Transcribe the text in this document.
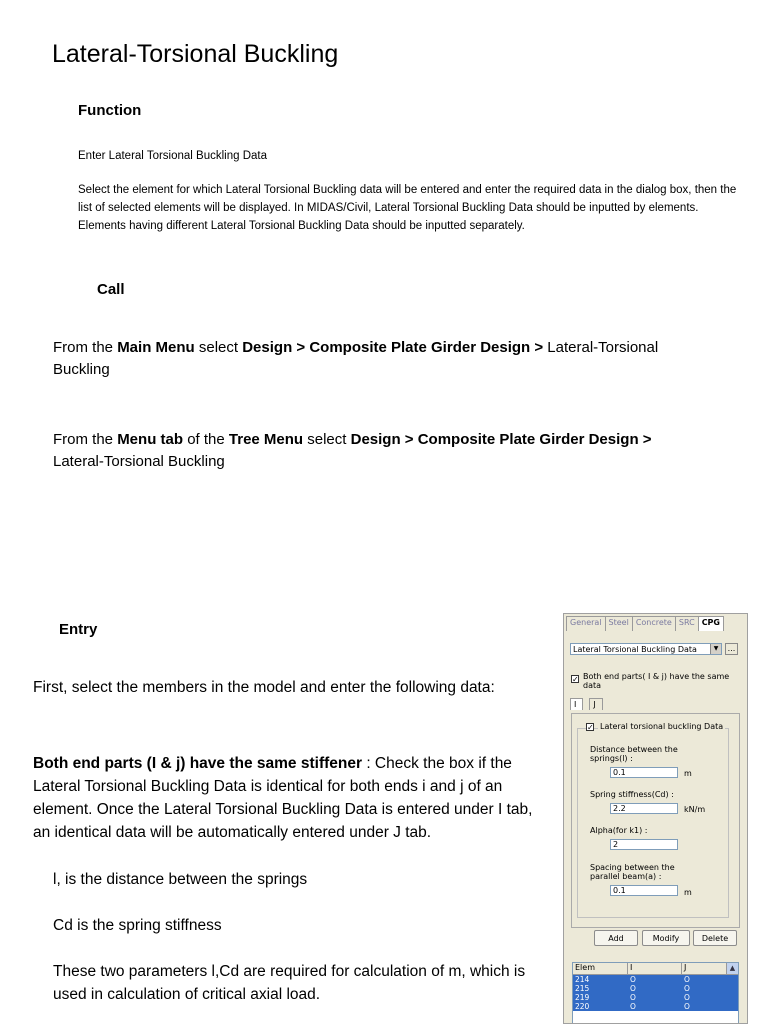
Lateral-Torsional Buckling
Function
Enter Lateral Torsional Buckling Data
Select the element for which Lateral Torsional Buckling data will be entered and enter the required data in the dialog box, then the list of selected elements will be displayed. In MIDAS/Civil, Lateral Torsional Buckling Data should be inputted by elements. Elements having different Lateral Torsional Buckling Data should be inputted separately.
Call
From the Main Menu select Design > Composite Plate Girder Design > Lateral-Torsional Buckling
From the Menu tab of the Tree Menu select Design > Composite Plate Girder Design > Lateral-Torsional Buckling
Entry
First, select the members in the model and enter the following data:
Both end parts (I & j) have the same stiffener : Check the box if the Lateral Torsional Buckling Data is identical for both ends i and j of an element. Once the Lateral Torsional Buckling Data is entered under I tab, an identical data will be automatically entered under J tab.
l, is the distance between the springs
Cd is the spring stiffness
These two parameters l,Cd are required for calculation of m, which is used in calculation of critical axial load.
General Steel Concrete SRC CPG
Lateral Torsional Buckling Data	▼	...
✓ Both end parts( I & j) have the same data
I	J
✓ Lateral torsional buckling Data
Distance between the springs(l) :
0.1	m
Spring stiffness(Cd) :
2.2	kN/m
Alpha(for k1) :
2
Spacing between the parallel beam(a) :
0.1	m
Add	Modify	Delete
Elem	I	J	▲
214	O	O
215	O	O
219	O	O
220	O	O
